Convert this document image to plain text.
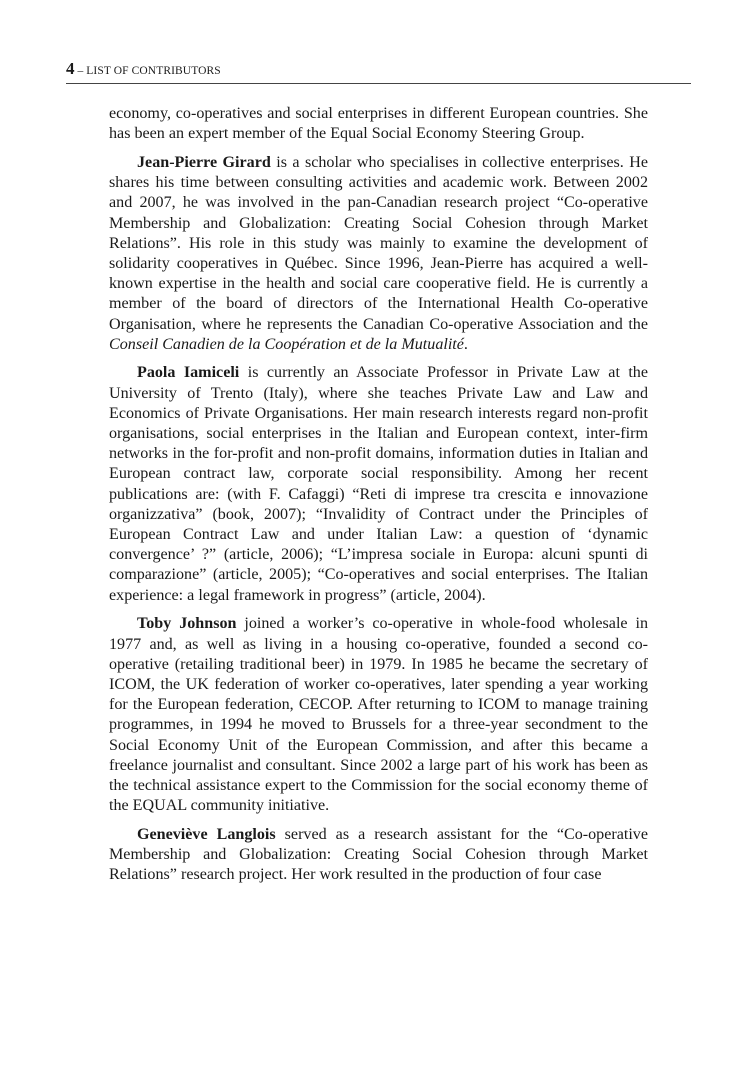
4 – LIST OF CONTRIBUTORS

economy, co-operatives and social enterprises in different European countries. She has been an expert member of the Equal Social Economy Steering Group.

Jean-Pierre Girard is a scholar who specialises in collective enterprises. He shares his time between consulting activities and academic work. Between 2002 and 2007, he was involved in the pan-Canadian research project “Co-operative Membership and Globalization: Creating Social Cohesion through Market Relations”. His role in this study was mainly to examine the development of solidarity cooperatives in Québec. Since 1996, Jean-Pierre has acquired a well-known expertise in the health and social care cooperative field. He is currently a member of the board of directors of the International Health Co-operative Organisation, where he represents the Canadian Co-operative Association and the Conseil Canadien de la Coopération et de la Mutualité.

Paola Iamiceli is currently an Associate Professor in Private Law at the University of Trento (Italy), where she teaches Private Law and Law and Economics of Private Organisations. Her main research interests regard non-profit organisations, social enterprises in the Italian and European context, inter-firm networks in the for-profit and non-profit domains, information duties in Italian and European contract law, corporate social responsibility. Among her recent publications are: (with F. Cafaggi) “Reti di imprese tra crescita e innovazione organizzativa” (book, 2007); “Invalidity of Contract under the Principles of European Contract Law and under Italian Law: a question of ‘dynamic convergence’ ?” (article, 2006); “L’impresa sociale in Europa: alcuni spunti di comparazione” (article, 2005); “Co-operatives and social enterprises. The Italian experience: a legal framework in progress” (article, 2004).

Toby Johnson joined a worker’s co-operative in whole-food wholesale in 1977 and, as well as living in a housing co-operative, founded a second co-operative (retailing traditional beer) in 1979. In 1985 he became the secretary of ICOM, the UK federation of worker co-operatives, later spending a year working for the European federation, CECOP. After returning to ICOM to manage training programmes, in 1994 he moved to Brussels for a three-year secondment to the Social Economy Unit of the European Commission, and after this became a freelance journalist and consultant. Since 2002 a large part of his work has been as the technical assistance expert to the Commission for the social economy theme of the EQUAL community initiative.

Geneviève Langlois served as a research assistant for the “Co-operative Membership and Globalization: Creating Social Cohesion through Market Relations” research project. Her work resulted in the production of four case
